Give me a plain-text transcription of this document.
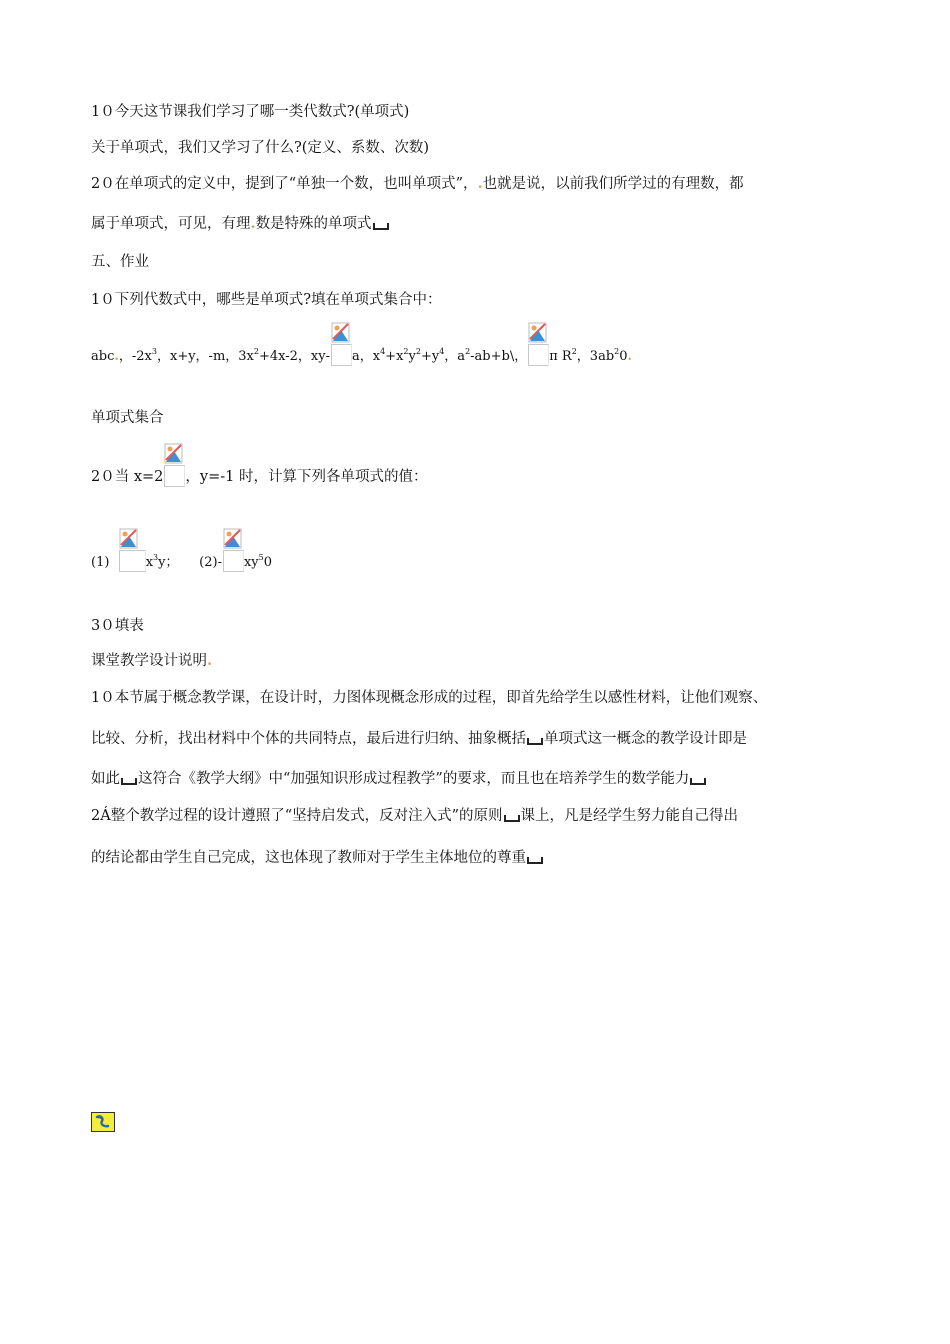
1０今天这节课我们学习了哪一类代数式?(单项式)
关于单项式，我们又学习了什么?(定义、系数、次数)
2０在单项式的定义中，提到了“单独一个数，也叫单项式”，.也就是说，以前我们所学过的有理数，都
属于单项式，可见，有理.数是特殊的单项式
五、作业
1０下列代数式中，哪些是单项式?填在单项式集合中：
abc.，$-2x^3$，x+y，-m，$3x^2+4x-2$，xy- a，$x^4+x^2y^2+y^4$，$a^2-ab+b\backslash$， π $R^2$，$3ab^20$.
单项式集合
2０当 x=2 ，y=-1 时，计算下列各单项式的值：
(1)	$x^3y$； (2)- $xy^50$
3０填表
课堂教学设计说明.
1０本节属于概念教学课，在设计时，力图体现概念形成的过程，即首先给学生以感性材料，让他们观察、
比较、分析，找出材料中个体的共同特点，最后进行归纳、抽象概括 单项式这一概念的教学设计即是
如此 这符合《教学大纲》中“加强知识形成过程教学”的要求，而且也在培养学生的数学能力
2Á整个教学过程的设计遵照了“坚持启发式，反对注入式”的原则 课上，凡是经学生努力能自己得出
的结论都由学生自己完成，这也体现了教师对于学生主体地位的尊重
